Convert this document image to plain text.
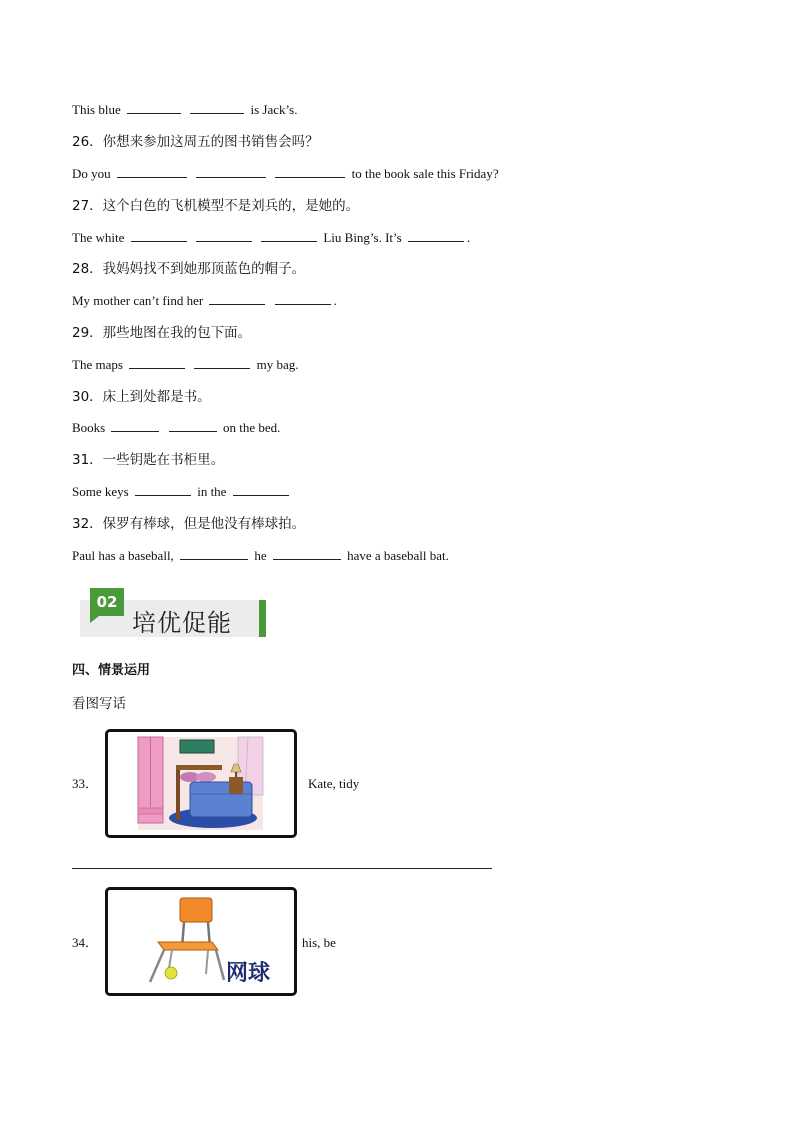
This blue	is Jack’s.
26．你想来参加这周五的图书销售会吗？
Do you	to the book sale this Friday?
27．这个白色的飞机模型不是刘兵的，是她的。
The white	Liu Bing’s. It’s	.
28．我妈妈找不到她那顶蓝色的帽子。
My mother can’t find her	.
29．那些地图在我的包下面。
The maps	my bag.
30．床上到处都是书。
Books	on the bed.
31．一些钥匙在书柜里。
Some keys	in the
32．保罗有棒球，但是他没有棒球拍。
Paul has a baseball,	he	have a baseball bat.
02
培优促能
四、情景运用
看图写话
33．	Kate, tidy
34．
网球
his, be
